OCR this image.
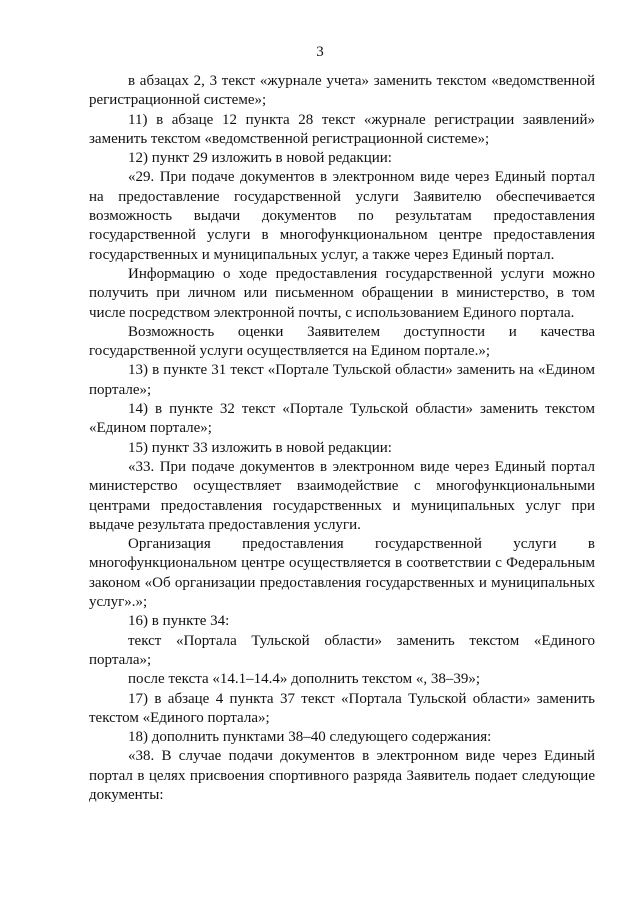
3

в абзацах 2, 3 текст «журнале учета» заменить текстом «ведомственной регистрационной системе»;

11) в абзаце 12 пункта 28 текст «журнале регистрации заявлений» заменить текстом «ведомственной регистрационной системе»;

12) пункт 29 изложить в новой редакции:

«29. При подаче документов в электронном виде через Единый портал на предоставление государственной услуги Заявителю обеспечивается возможность выдачи документов по результатам предоставления государственной услуги в многофункциональном центре предоставления государственных и муниципальных услуг, а также через Единый портал.

Информацию о ходе предоставления государственной услуги можно получить при личном или письменном обращении в министерство, в том числе посредством электронной почты, с использованием Единого портала.

Возможность оценки Заявителем доступности и качества государственной услуги осуществляется на Едином портале.»;

13) в пункте 31 текст «Портале Тульской области» заменить на «Едином портале»;

14) в пункте 32 текст «Портале Тульской области» заменить текстом «Едином портале»;

15) пункт 33 изложить в новой редакции:

«33. При подаче документов в электронном виде через Единый портал министерство осуществляет взаимодействие с многофункциональными центрами предоставления государственных и муниципальных услуг при выдаче результата предоставления услуги.

Организация предоставления государственной услуги в многофункциональном центре осуществляется в соответствии с Федеральным законом «Об организации предоставления государственных и муниципальных услуг».»;

16) в пункте 34:

текст «Портала Тульской области» заменить текстом «Единого портала»;

после текста «14.1–14.4» дополнить текстом «, 38–39»;

17) в абзаце 4 пункта 37 текст «Портала Тульской области» заменить текстом «Единого портала»;

18) дополнить пунктами 38–40 следующего содержания:

«38. В случае подачи документов в электронном виде через Единый портал в целях присвоения спортивного разряда Заявитель подает следующие документы:
